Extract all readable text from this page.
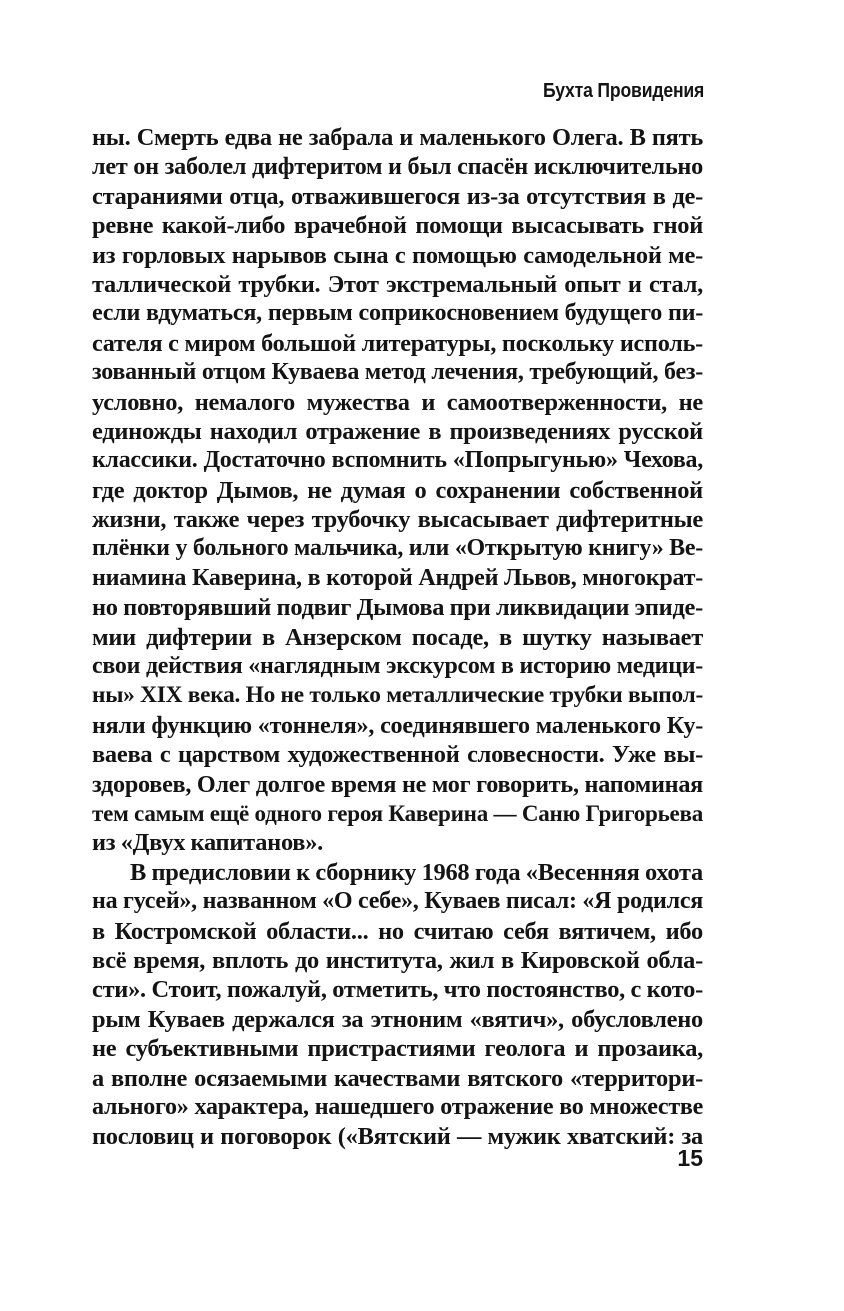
Бухта Провидения
ны. Смерть едва не забрала и маленького Олега. В пять
лет он заболел дифтеритом и был спасён исключительно
стараниями отца, отважившегося из-за отсутствия в де-
ревне какой-либо врачебной помощи высасывать гной
из горловых нарывов сына с помощью самодельной ме-
таллической трубки. Этот экстремальный опыт и стал,
если вдуматься, первым соприкосновением будущего пи-
сателя с миром большой литературы, поскольку исполь-
зованный отцом Куваева метод лечения, требующий, без-
условно, немалого мужества и самоотверженности, не
единожды находил отражение в произведениях русской
классики. Достаточно вспомнить «Попрыгунью» Чехова,
где доктор Дымов, не думая о сохранении собственной
жизни, также через трубочку высасывает дифтеритные
плёнки у больного мальчика, или «Открытую книгу» Ве-
ниамина Каверина, в которой Андрей Львов, многократ-
но повторявший подвиг Дымова при ликвидации эпиде-
мии дифтерии в Анзерском посаде, в шутку называет
свои действия «наглядным экскурсом в историю медици-
ны» XIX века. Но не только металлические трубки выпол-
няли функцию «тоннеля», соединявшего маленького Ку-
ваева с царством художественной словесности. Уже вы-
здоровев, Олег долгое время не мог говорить, напоминая
тем самым ещё одного героя Каверина — Саню Григорьева
из «Двух капитанов».
В предисловии к сборнику 1968 года «Весенняя охота
на гусей», названном «О себе», Куваев писал: «Я родился
в Костромской области... но считаю себя вятичем, ибо
всё время, вплоть до института, жил в Кировской обла-
сти». Стоит, пожалуй, отметить, что постоянство, с кото-
рым Куваев держался за этноним «вятич», обусловлено
не субъективными пристрастиями геолога и прозаика,
а вполне осязаемыми качествами вятского «территори-
ального» характера, нашедшего отражение во множестве
пословиц и поговорок («Вятский — мужик хватский: за
15
